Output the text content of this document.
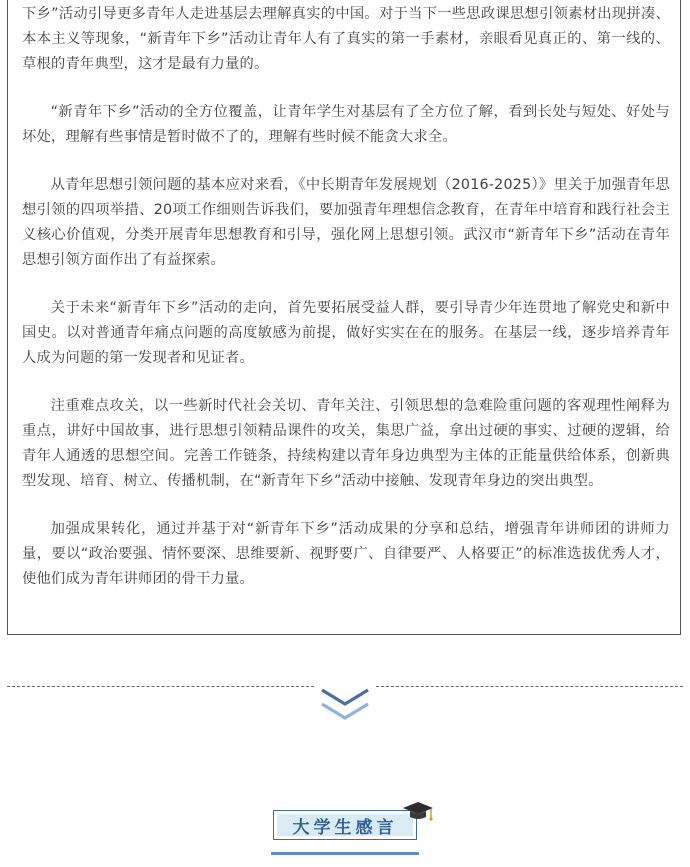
下乡”活动引导更多青年人走进基层去理解真实的中国。对于当下一些思政课思想引领素材出现拼凑、本本主义等现象，“新青年下乡”活动让青年人有了真实的第一手素材，亲眼看见真正的、第一线的、草根的青年典型，这才是最有力量的。

“新青年下乡”活动的全方位覆盖，让青年学生对基层有了全方位了解，看到长处与短处、好处与坏处，理解有些事情是暂时做不了的，理解有些时候不能贪大求全。

从青年思想引领问题的基本应对来看，《中长期青年发展规划（2016-2025）》里关于加强青年思想引领的四项举措、20项工作细则告诉我们，要加强青年理想信念教育，在青年中培育和践行社会主义核心价值观，分类开展青年思想教育和引导，强化网上思想引领。武汉市“新青年下乡”活动在青年思想引领方面作出了有益探索。

关于未来“新青年下乡”活动的走向，首先要拓展受益人群，要引导青少年连贯地了解党史和新中国史。以对普通青年痛点问题的高度敏感为前提，做好实实在在的服务。在基层一线，逐步培养青年人成为问题的第一发现者和见证者。

注重难点攻关，以一些新时代社会关切、青年关注、引领思想的急难险重问题的客观理性阐释为重点，讲好中国故事，进行思想引领精品课件的攻关，集思广益，拿出过硬的事实、过硬的逻辑，给青年人通透的思想空间。完善工作链条，持续构建以青年身边典型为主体的正能量供给体系，创新典型发现、培育、树立、传播机制，在“新青年下乡”活动中接触、发现青年身边的突出典型。

加强成果转化，通过并基于对“新青年下乡”活动成果的分享和总结，增强青年讲师团的讲师力量，要以“政治要强、情怀要深、思维要新、视野要广、自律要严、人格要正”的标准选拔优秀人才，使他们成为青年讲师团的骨干力量。

大学生感言
